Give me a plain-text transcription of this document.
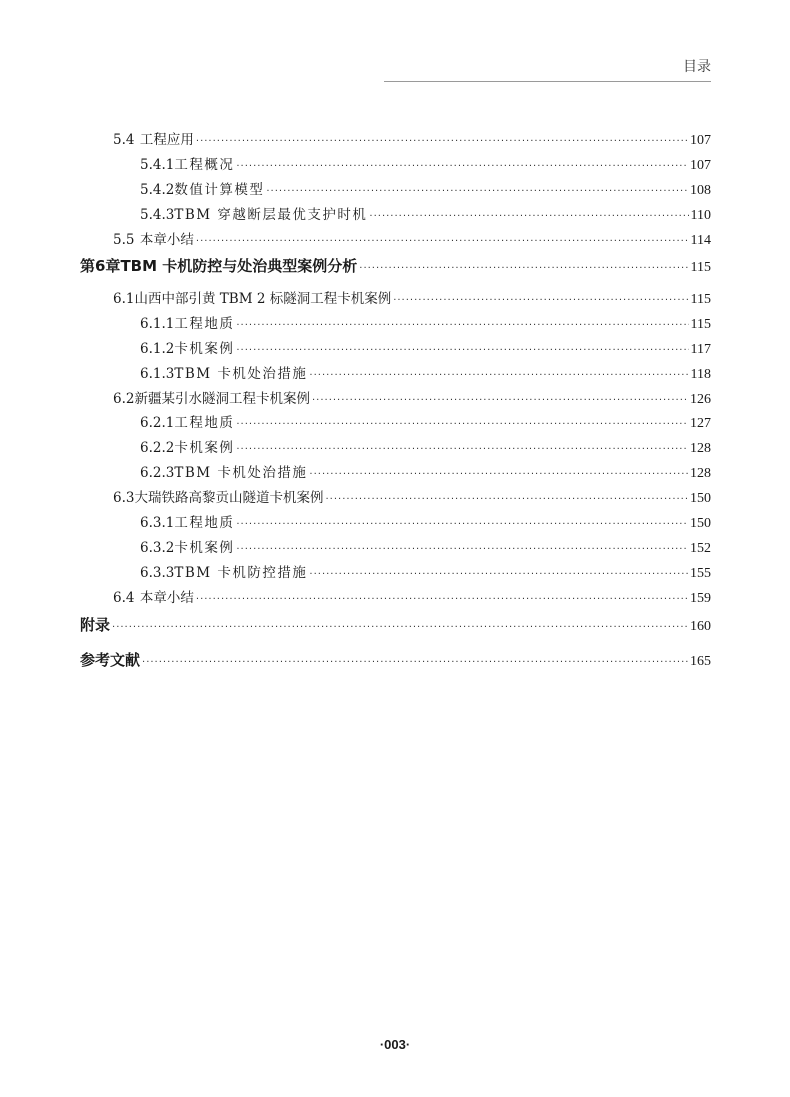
目录
5.4 工程应用 ·····	107
5.4.1 工程概况 ·····	107
5.4.2 数值计算模型 ·····	108
5.4.3 TBM 穿越断层最优支护时机 ·····	110
5.5 本章小结 ·····	114
第6章 TBM 卡机防控与处治典型案例分析 ·····	115
6.1 山西中部引黄 TBM 2 标隧洞工程卡机案例 ·····	115
6.1.1 工程地质 ·····	115
6.1.2 卡机案例 ·····	117
6.1.3 TBM 卡机处治措施 ·····	118
6.2 新疆某引水隧洞工程卡机案例 ·····	126
6.2.1 工程地质 ·····	127
6.2.2 卡机案例 ·····	128
6.2.3 TBM 卡机处治措施 ·····	128
6.3 大瑞铁路高黎贡山隧道卡机案例 ·····	150
6.3.1 工程地质 ·····	150
6.3.2 卡机案例 ·····	152
6.3.3 TBM 卡机防控措施 ·····	155
6.4 本章小结 ·····	159
附录 ·····	160
参考文献 ·····	165
·003·
